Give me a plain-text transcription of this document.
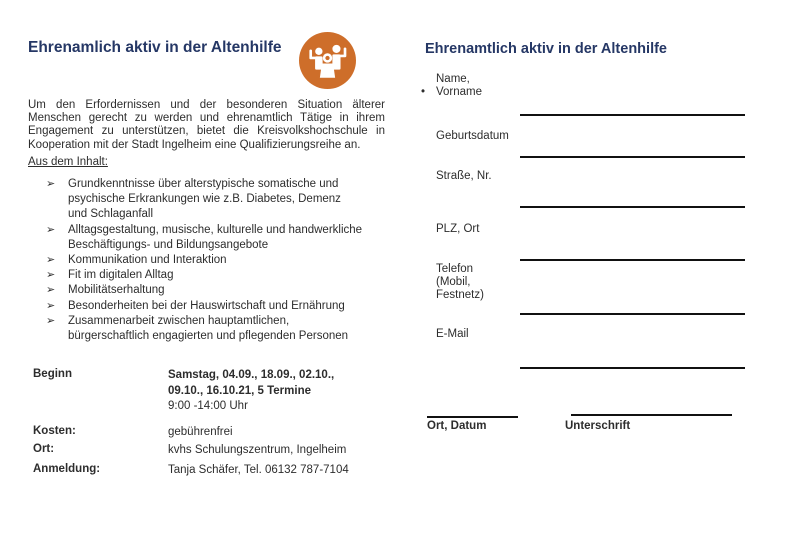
Ehrenamlich aktiv in der Altenhilfe

Um den Erfordernissen und der besonderen Situation älterer Menschen gerecht zu werden und ehrenamtlich Tätige in ihrem Engagement zu unterstützen, bietet die Kreisvolkshochschule in Kooperation mit der Stadt Ingelheim eine Qualifizierungsreihe an.

Aus dem Inhalt:
➢	Grundkenntnisse über alterstypische somatische und
psychische Erkrankungen wie z.B. Diabetes, Demenz
und Schlaganfall
➢	Alltagsgestaltung, musische, kulturelle und handwerkliche
Beschäftigungs- und Bildungsangebote
➢	Kommunikation und Interaktion
➢	Fit im digitalen Alltag
➢	Mobilitätserhaltung
➢	Besonderheiten bei der Hauswirtschaft und Ernährung
➢	Zusammenarbeit zwischen hauptamtlichen,
bürgerschaftlich engagierten und pflegenden Personen
Beginn	Samstag, 04.09., 18.09., 02.10.,
09.10., 16.10.21, 5 Termine
9:00 -14:00 Uhr
Kosten:	gebührenfrei
Ort:	kvhs Schulungszentrum, Ingelheim
Anmeldung:	Tanja Schäfer, Tel. 06132 787-7104
Ehrenamtlich aktiv in der Altenhilfe
•
Name,
Vorname
Geburtsdatum
Straße, Nr.
PLZ, Ort
Telefon
(Mobil,
Festnetz)
E-Mail
Ort, Datum	Unterschrift
